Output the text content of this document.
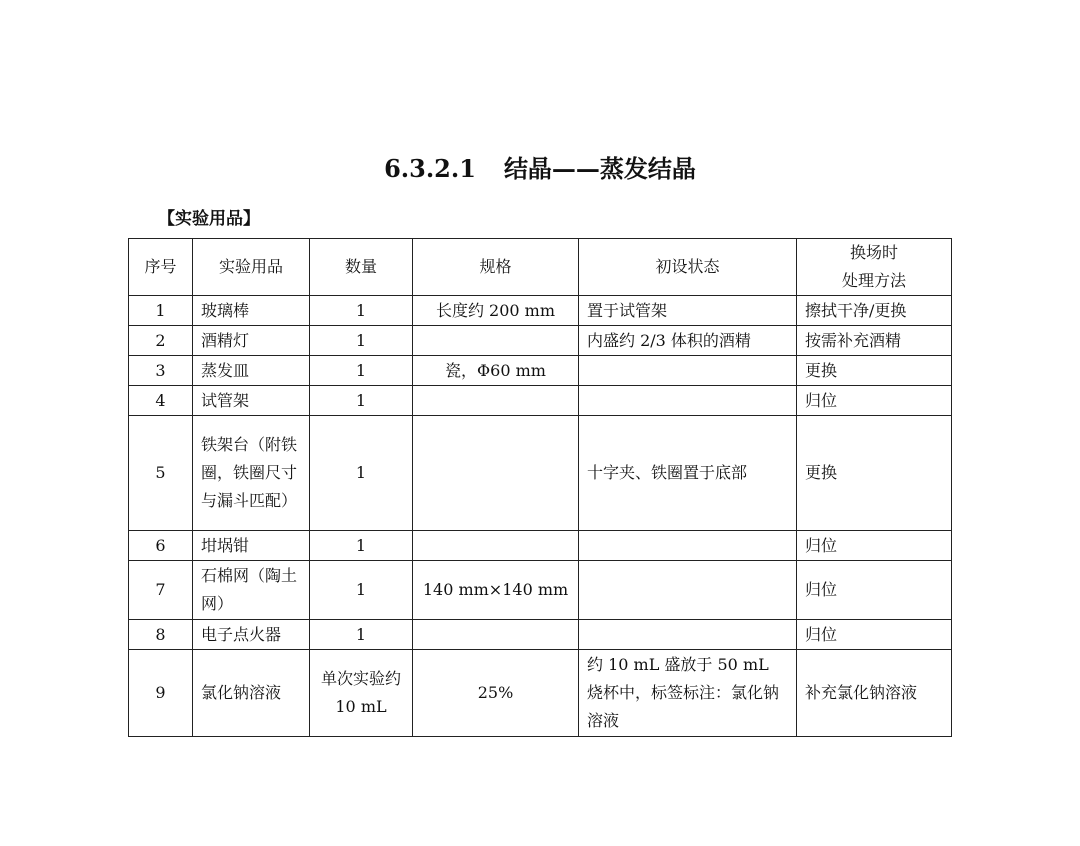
6.3.2.1 结晶——蒸发结晶
【实验用品】
序号	实验用品	数量	规格	初设状态	换场时
处理方法
1	玻璃棒	1	长度约 200 mm	置于试管架	擦拭干净/更换
2	酒精灯	1		内盛约 2/3 体积的酒精	按需补充酒精
3	蒸发皿	1	瓷，Φ60 mm		更换
4	试管架	1			归位
5	铁架台（附铁圈，铁圈尺寸与漏斗匹配）	1		十字夹、铁圈置于底部	更换
6	坩埚钳	1			归位
7	石棉网（陶土网）	1	140 mm×140 mm		归位
8	电子点火器	1			归位
9	氯化钠溶液	单次实验约 10 mL	25%	约 10 mL 盛放于 50 mL 烧杯中，标签标注：氯化钠溶液	补充氯化钠溶液
